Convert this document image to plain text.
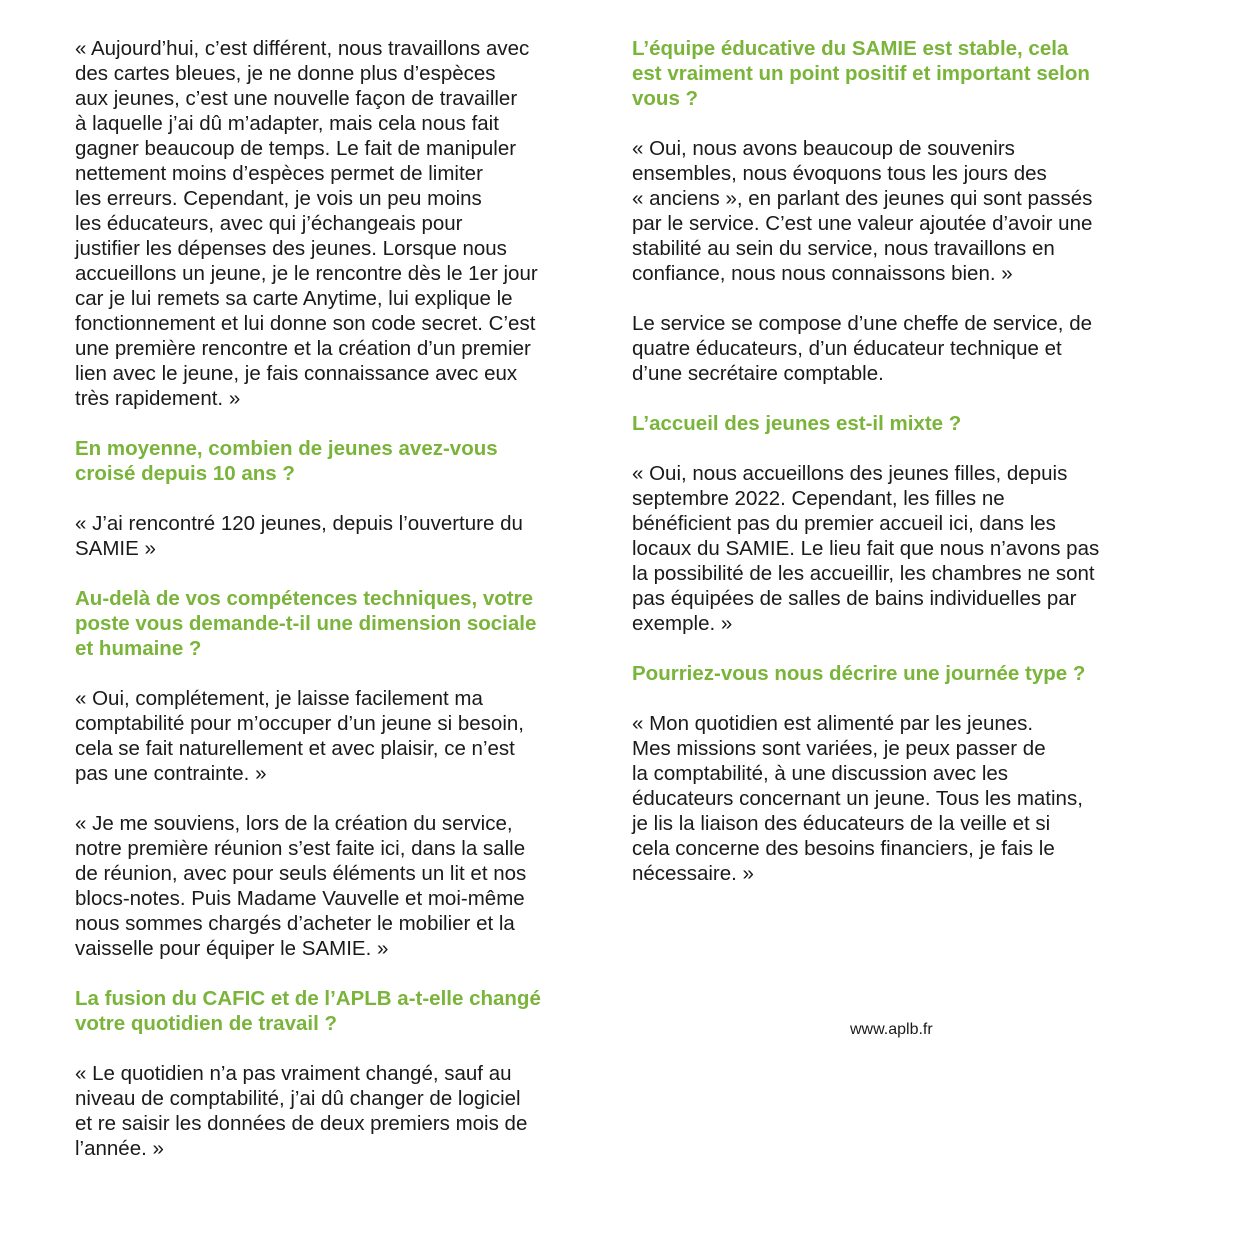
« Aujourd’hui, c’est différent, nous travaillons avec
des cartes bleues, je ne donne plus d’espèces
aux jeunes, c’est une nouvelle façon de travailler
à laquelle j’ai dû m’adapter, mais cela nous fait
gagner beaucoup de temps. Le fait de manipuler
nettement moins d’espèces permet de limiter
les erreurs. Cependant, je vois un peu moins
les éducateurs, avec qui j’échangeais pour
justifier les dépenses des jeunes. Lorsque nous
accueillons un jeune, je le rencontre dès le 1er jour
car je lui remets sa carte Anytime, lui explique le
fonctionnement et lui donne son code secret. C’est
une première rencontre et la création d’un premier
lien avec le jeune, je fais connaissance avec eux
très rapidement. »

En moyenne, combien de jeunes avez-vous
croisé depuis 10 ans ?

« J’ai rencontré 120 jeunes, depuis l’ouverture du
SAMIE »

Au-delà de vos compétences techniques, votre
poste vous demande-t-il une dimension sociale
et humaine ?

« Oui, complétement, je laisse facilement ma
comptabilité pour m’occuper d’un jeune si besoin,
cela se fait naturellement et avec plaisir, ce n’est
pas une contrainte. »

« Je me souviens, lors de la création du service,
notre première réunion s’est faite ici, dans la salle
de réunion, avec pour seuls éléments un lit et nos
blocs-notes. Puis Madame Vauvelle et moi-même
nous sommes chargés d’acheter le mobilier et la
vaisselle pour équiper le SAMIE. »

La fusion du CAFIC et de l’APLB a-t-elle changé
votre quotidien de travail ?

« Le quotidien n’a pas vraiment changé, sauf au
niveau de comptabilité, j’ai dû changer de logiciel
et re saisir les données de deux premiers mois de
l’année. »

L’équipe éducative du SAMIE est stable, cela
est vraiment un point positif et important selon
vous ?

« Oui, nous avons beaucoup de souvenirs
ensembles, nous évoquons tous les jours des
« anciens », en parlant des jeunes qui sont passés
par le service. C’est une valeur ajoutée d’avoir une
stabilité au sein du service, nous travaillons en
confiance, nous nous connaissons bien. »

Le service se compose d’une cheffe de service, de
quatre éducateurs, d’un éducateur technique et
d’une secrétaire comptable.

L’accueil des jeunes est-il mixte ?

« Oui, nous accueillons des jeunes filles, depuis
septembre 2022. Cependant, les filles ne
bénéficient pas du premier accueil ici, dans les
locaux du SAMIE. Le lieu fait que nous n’avons pas
la possibilité de les accueillir, les chambres ne sont
pas équipées de salles de bains individuelles par
exemple. »

Pourriez-vous nous décrire une journée type ?

« Mon quotidien est alimenté par les jeunes.
Mes missions sont variées, je peux passer de
la comptabilité, à une discussion avec les
éducateurs concernant un jeune. Tous les matins,
je lis la liaison des éducateurs de la veille et si
cela concerne des besoins financiers, je fais le
nécessaire. »

www.aplb.fr
